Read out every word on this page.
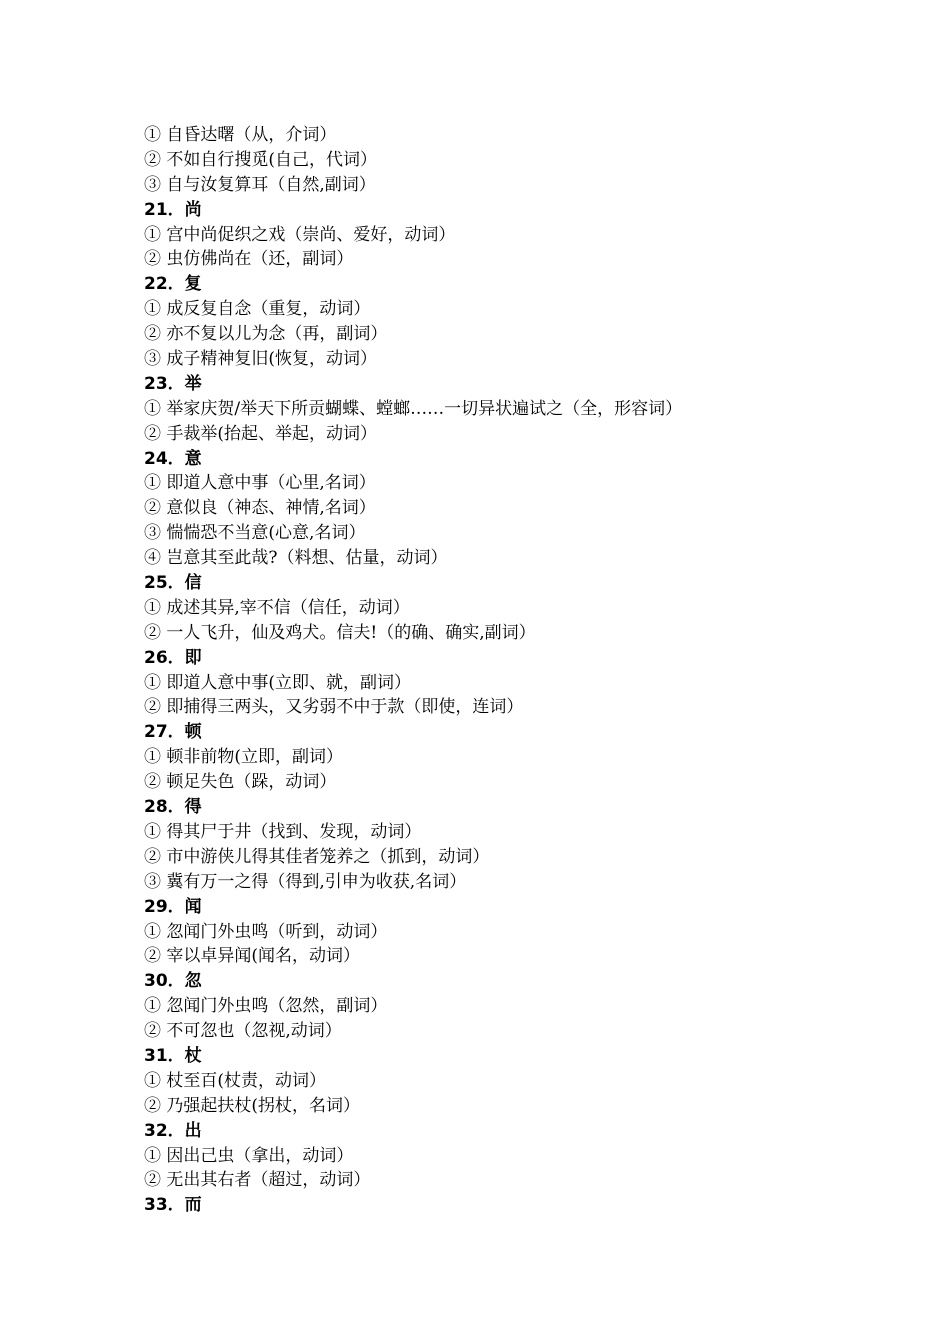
① 自昏达曙（从，介词）
② 不如自行搜觅(自己，代词）
③ 自与汝复算耳（自然,副词）
21．尚
① 宫中尚促织之戏（崇尚、爱好，动词）
② 虫仿佛尚在（还，副词）
22．复
① 成反复自念（重复，动词）
② 亦不复以儿为念（再，副词）
③ 成子精神复旧(恢复，动词）
23．举
① 举家庆贺/举天下所贡蝴蝶、螳螂……一切异状遍试之（全，形容词）
② 手裁举(抬起、举起，动词）
24．意
① 即道人意中事（心里,名词）
② 意似良（神态、神情,名词）
③ 惴惴恐不当意(心意,名词）
④ 岂意其至此哉?（料想、估量，动词）
25．信
① 成述其异,宰不信（信任，动词）
② 一人飞升，仙及鸡犬。信夫!（的确、确实,副词）
26．即
① 即道人意中事(立即、就，副词）
② 即捕得三两头，又劣弱不中于款（即使，连词）
27．顿
① 顿非前物(立即，副词）
② 顿足失色（跺，动词）
28．得
① 得其尸于井（找到、发现，动词）
② 市中游侠儿得其佳者笼养之（抓到，动词）
③ 冀有万一之得（得到,引申为收获,名词）
29．闻
① 忽闻门外虫鸣（听到，动词）
② 宰以卓异闻(闻名，动词）
30．忽
① 忽闻门外虫鸣（忽然，副词）
② 不可忽也（忽视,动词）
31．杖
① 杖至百(杖责，动词）
② 乃强起扶杖(拐杖，名词）
32．出
① 因出己虫（拿出，动词）
② 无出其右者（超过，动词）
33．而
